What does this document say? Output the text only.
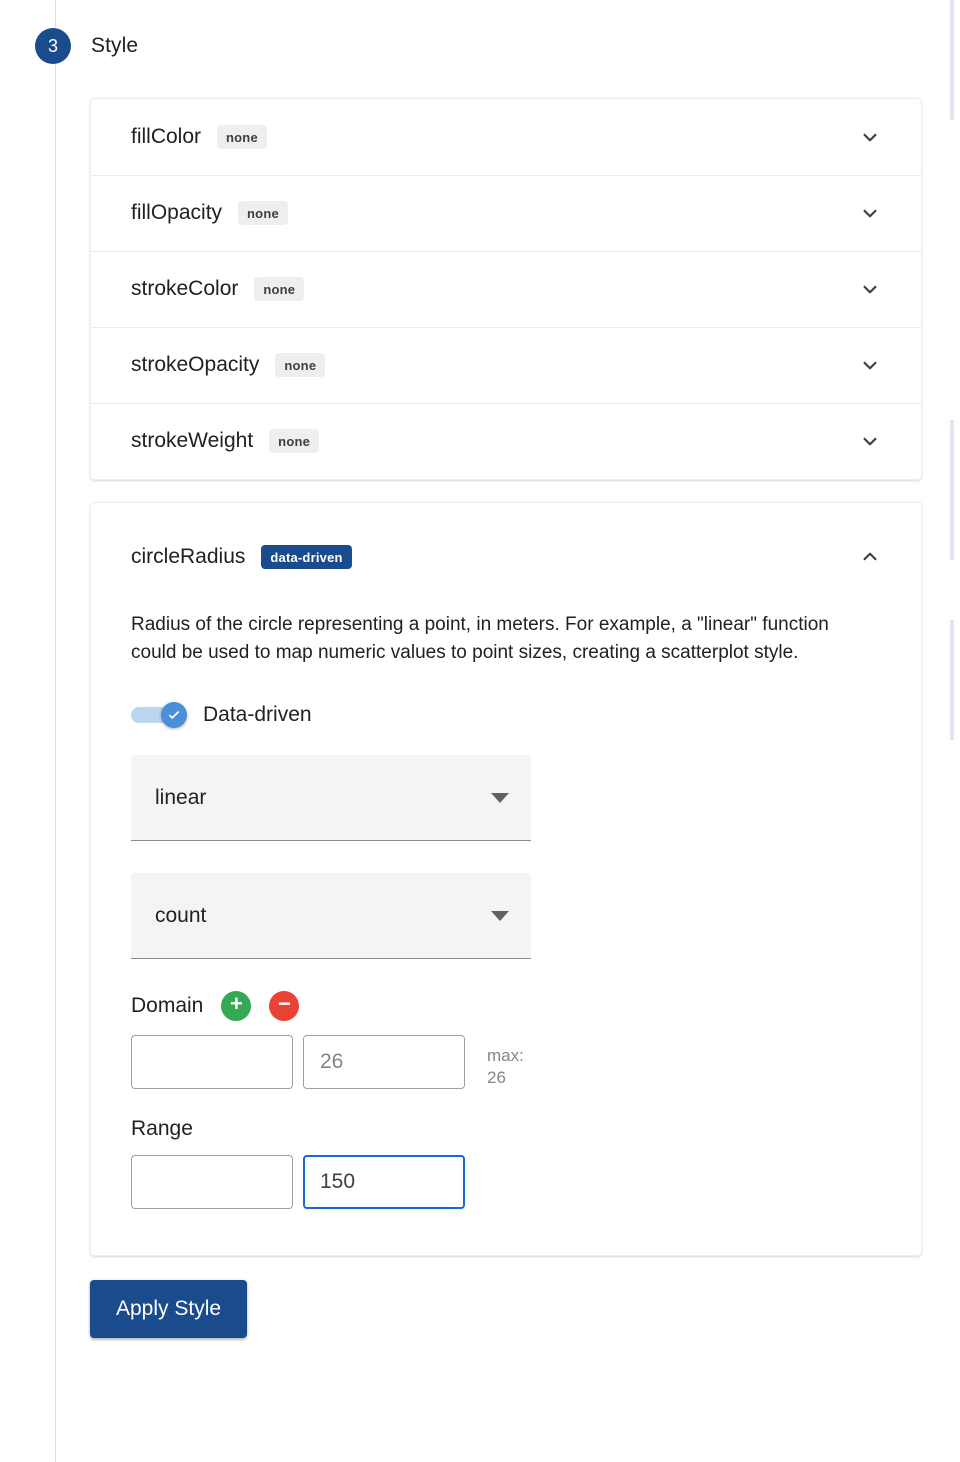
3	Style
fillColor	none
fillOpacity	none
strokeColor	none
strokeOpacity	none
strokeWeight	none
circleRadius	data-driven

Radius of the circle representing a point, in meters. For example, a "linear" function could be used to map numeric values to point sizes, creating a scatterplot style.

Data-driven
linear
count
Domain + −
26
max:
26
Range
150
Apply Style
